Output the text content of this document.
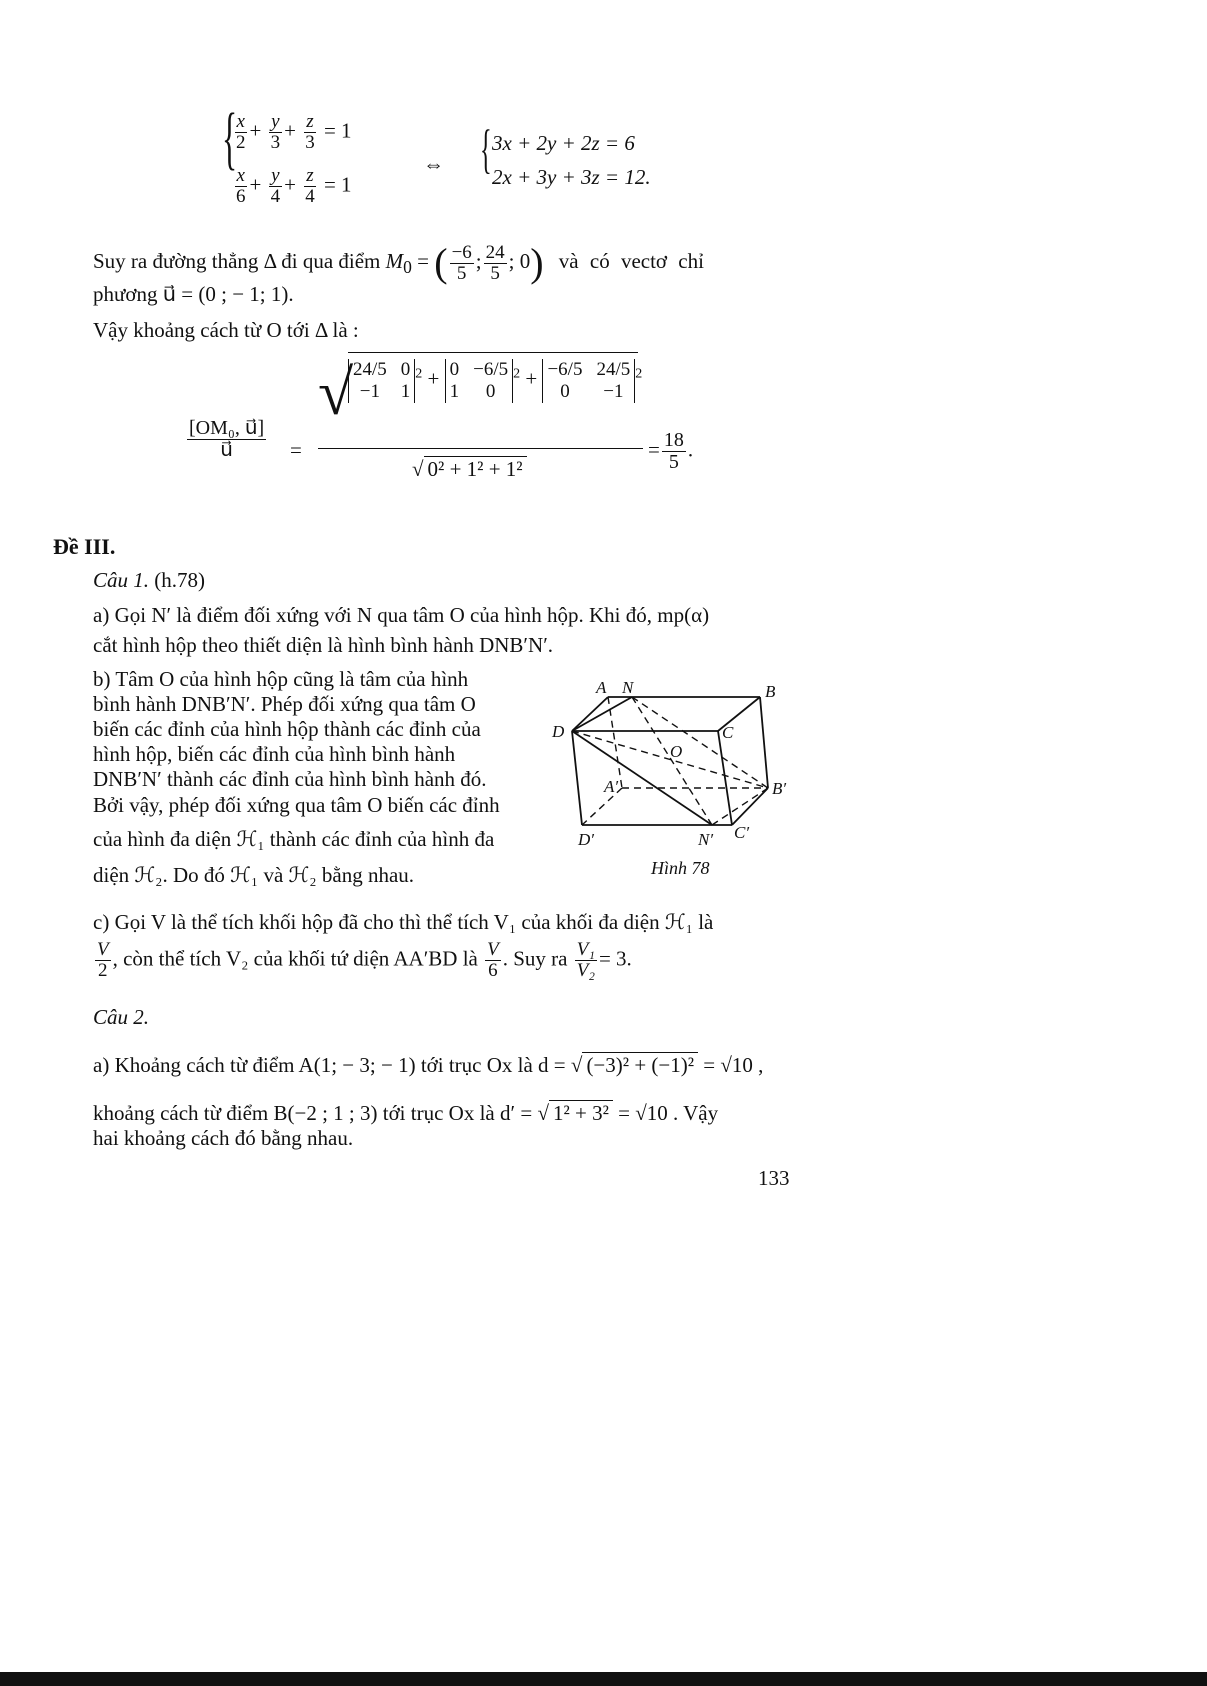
{
$\frac{x}{2} + \frac{y}{3} + \frac{z}{3} = 1$
$\frac{x}{6} + \frac{y}{4} + \frac{z}{4} = 1$
⇔ { 3x + 2y + 2z = 6
2x + 3y + 3z = 12.
Suy ra đường thẳng Δ đi qua điểm $M_0$ = ( $\frac{-6}{5}$ ; $\frac{24}{5}$ ; 0) và có vectơ chỉ
phương u⃗ = (0 ; − 1; 1).
Vậy khoảng cách từ O tới Δ là :
$\frac{\text{[OM₀, u⃗]}}{u⃗}$ =
√ 24/5 0
−1	1
$^2$ + 0 −6/5
1	0
$^2$ + −6/5 24/5
0	−1
$^2$
√ 0² + 1² + 1²
= $\frac{18}{5}$ .
Đề III.
Câu 1. (h.78)
a) Gọi N′ là điểm đối xứng với N qua tâm O của hình hộp. Khi đó, mp(α)
cắt hình hộp theo thiết diện là hình bình hành DNB′N′.
b) Tâm O của hình hộp cũng là tâm của hình
bình hành DNB′N′. Phép đối xứng qua tâm O
biến các đỉnh của hình hộp thành các đỉnh của
hình hộp, biến các đỉnh của hình bình hành
DNB′N′ thành các đỉnh của hình bình hành đó.
Bởi vậy, phép đối xứng qua tâm O biến các đỉnh
của hình đa diện ℋ₁ thành các đỉnh của hình đa
diện ℋ₂. Do đó ℋ₁ và ℋ₂ bằng nhau.
A N	B
D	C
O
A′	B′
D′	N′ C′
Hình 78
c) Gọi V là thể tích khối hộp đã cho thì thể tích V₁ của khối đa diện ℋ₁ là
$\frac{V}{2}$ , còn thể tích V₂ của khối tứ diện AA′BD là $\frac{V}{6}$ . Suy ra $\frac{\text{V₁}}{\text{V₂}} = 3$.
Câu 2.
a) Khoảng cách từ điểm A(1; − 3; − 1) tới trục Ox là d = √ (−3)² + (−1)² = √10 ,
khoảng cách từ điểm B(−2 ; 1 ; 3) tới trục Ox là d′ = √ 1² + 3² = √10 . Vậy
hai khoảng cách đó bằng nhau.
133
